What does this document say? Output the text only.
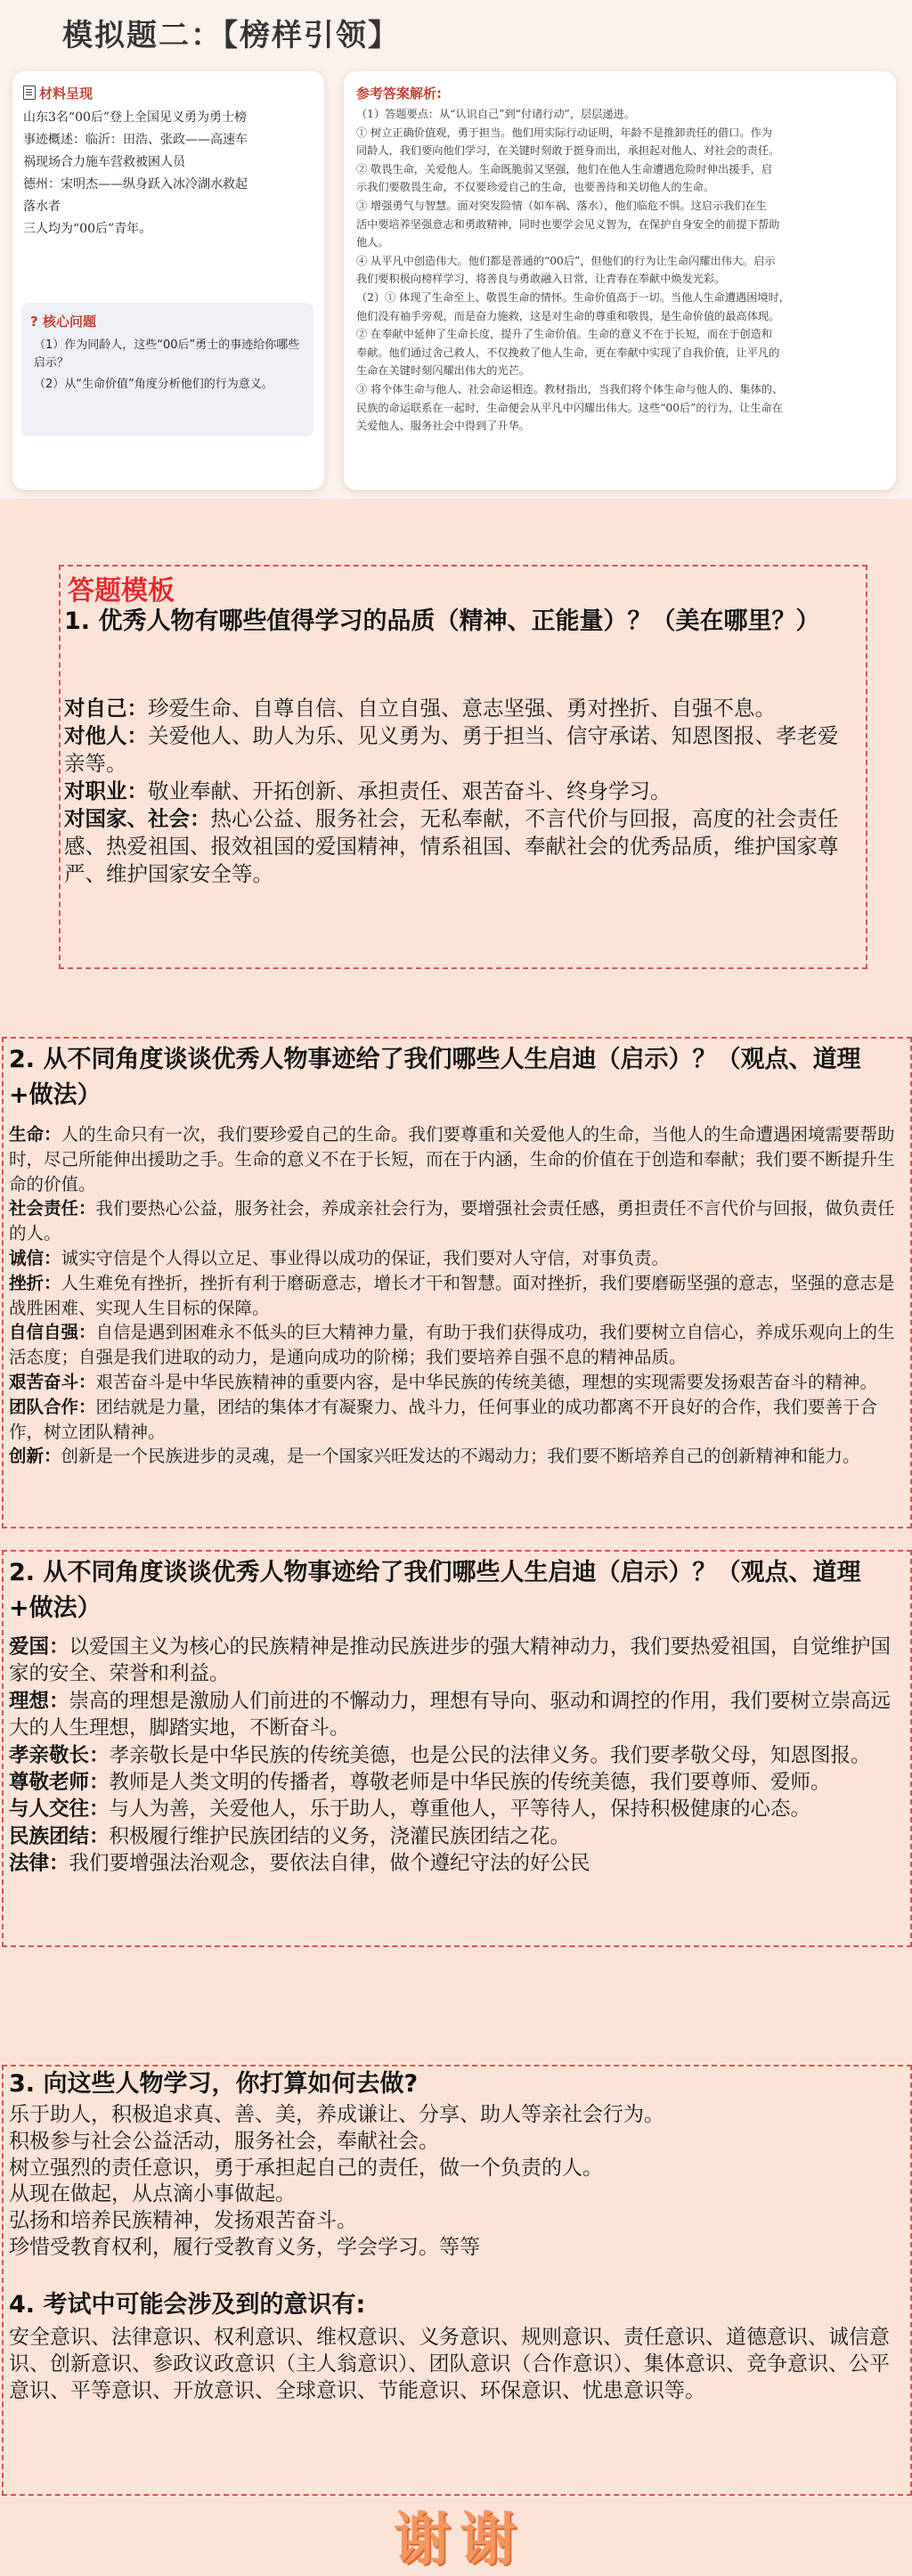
模拟题二：【榜样引领】
材料呈现

山东3名“00后”登上全国见义勇为勇士榜

事迹概述：临沂：田浩、张政——高速车

祸现场合力施车营救被困人员

德州：宋明杰——纵身跃入冰冷湖水救起

落水者

三人均为“00后”青年。

? 核心问题
（1）作为同龄人，这些“00后”勇士的事迹给你哪些启示？
（2）从“生命价值”角度分析他们的行为意义。
参考答案解析:

（1）答题要点：从“认识自己”到“付诸行动”，层层递进。

① 树立正确价值观，勇于担当。他们用实际行动证明，年龄不是推卸责任的借口。作为

同龄人，我们要向他们学习，在关键时刻敢于挺身而出，承担起对他人、对社会的责任。

② 敬畏生命，关爱他人。生命既脆弱又坚强，他们在他人生命遭遇危险时伸出援手，启

示我们要敬畏生命，不仅要珍爱自己的生命，也要善待和关切他人的生命。

③ 增强勇气与智慧。面对突发险情（如车祸、落水），他们临危不惧。这启示我们在生

活中要培养坚强意志和勇敢精神，同时也要学会见义智为，在保护自身安全的前提下帮助

他人。

④ 从平凡中创造伟大。他们都是普通的“00后”，但他们的行为让生命闪耀出伟大。启示

我们要积极向榜样学习，将善良与勇敢融入日常，让青春在奉献中焕发光彩。

（2）① 体现了生命至上、敬畏生命的情怀。生命价值高于一切。当他人生命遭遇困境时，

他们没有袖手旁观，而是奋力施救，这是对生命的尊重和敬畏，是生命价值的最高体现。

② 在奉献中延伸了生命长度，提升了生命价值。生命的意义不在于长短，而在于创造和

奉献。他们通过舍己救人，不仅挽救了他人生命，更在奉献中实现了自我价值，让平凡的

生命在关键时刻闪耀出伟大的光芒。

③ 将个体生命与他人、社会命运相连。教材指出，当我们将个体生命与他人的、集体的、

民族的命运联系在一起时，生命便会从平凡中闪耀出伟大。这些“00后”的行为，让生命在

关爱他人、服务社会中得到了升华。

答题模板
1. 优秀人物有哪些值得学习的品质（精神、正能量）？（美在哪里？）

对自己：珍爱生命、自尊自信、自立自强、意志坚强、勇对挫折、自强不息。

对他人：关爱他人、助人为乐、见义勇为、勇于担当、信守承诺、知恩图报、孝老爱亲等。

对职业：敬业奉献、开拓创新、承担责任、艰苦奋斗、终身学习。

对国家、社会：热心公益、服务社会，无私奉献，不言代价与回报，高度的社会责任感、热爱祖国、报效祖国的爱国精神，情系祖国、奉献社会的优秀品质，维护国家尊严、维护国家安全等。

2. 从不同角度谈谈优秀人物事迹给了我们哪些人生启迪（启示）？（观点、道理+做法）

生命：人的生命只有一次，我们要珍爱自己的生命。我们要尊重和关爱他人的生命，当他人的生命遭遇困境需要帮助时，尽己所能伸出援助之手。生命的意义不在于长短，而在于内涵，生命的价值在于创造和奉献；我们要不断提升生命的价值。

社会责任：我们要热心公益，服务社会，养成亲社会行为，要增强社会责任感，勇担责任不言代价与回报，做负责任的人。

诚信：诚实守信是个人得以立足、事业得以成功的保证，我们要对人守信，对事负责。

挫折：人生难免有挫折，挫折有利于磨砺意志，增长才干和智慧。面对挫折，我们要磨砺坚强的意志，坚强的意志是战胜困难、实现人生目标的保障。

自信自强：自信是遇到困难永不低头的巨大精神力量，有助于我们获得成功，我们要树立自信心，养成乐观向上的生活态度；自强是我们进取的动力，是通向成功的阶梯；我们要培养自强不息的精神品质。

艰苦奋斗：艰苦奋斗是中华民族精神的重要内容，是中华民族的传统美德，理想的实现需要发扬艰苦奋斗的精神。

团队合作：团结就是力量，团结的集体才有凝聚力、战斗力，任何事业的成功都离不开良好的合作，我们要善于合作，树立团队精神。

创新：创新是一个民族进步的灵魂，是一个国家兴旺发达的不竭动力；我们要不断培养自己的创新精神和能力。

2. 从不同角度谈谈优秀人物事迹给了我们哪些人生启迪（启示）？（观点、道理+做法）

爱国：以爱国主义为核心的民族精神是推动民族进步的强大精神动力，我们要热爱祖国，自觉维护国家的安全、荣誉和利益。

理想：崇高的理想是激励人们前进的不懈动力，理想有导向、驱动和调控的作用，我们要树立崇高远大的人生理想，脚踏实地，不断奋斗。

孝亲敬长：孝亲敬长是中华民族的传统美德，也是公民的法律义务。我们要孝敬父母，知恩图报。

尊敬老师：教师是人类文明的传播者，尊敬老师是中华民族的传统美德，我们要尊师、爱师。

与人交往：与人为善，关爱他人，乐于助人，尊重他人，平等待人，保持积极健康的心态。

民族团结：积极履行维护民族团结的义务，浇灌民族团结之花。

法律：我们要增强法治观念，要依法自律，做个遵纪守法的好公民

3. 向这些人物学习，你打算如何去做?

乐于助人，积极追求真、善、美，养成谦让、分享、助人等亲社会行为。

积极参与社会公益活动，服务社会，奉献社会。

树立强烈的责任意识，勇于承担起自己的责任，做一个负责的人。

从现在做起，从点滴小事做起。

弘扬和培养民族精神，发扬艰苦奋斗。

珍惜受教育权利，履行受教育义务，学会学习。等等

4. 考试中可能会涉及到的意识有:
安全意识、法律意识、权利意识、维权意识、义务意识、规则意识、责任意识、道德意识、诚信意识、创新意识、参政议政意识（主人翁意识）、团队意识（合作意识）、集体意识、竞争意识、公平意识、平等意识、开放意识、全球意识、节能意识、环保意识、忧患意识等。
谢谢
